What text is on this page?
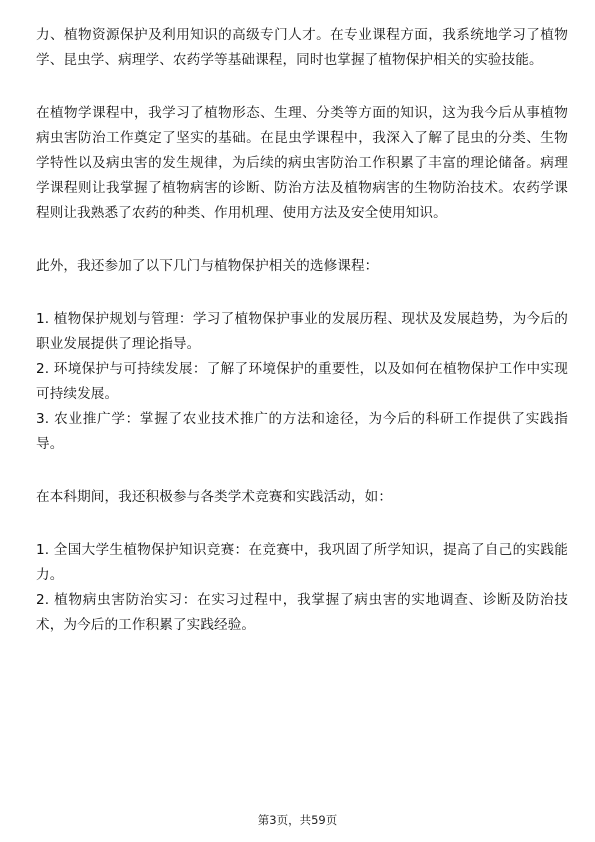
力、植物资源保护及利用知识的高级专门人才。在专业课程方面，我系统地学习了植物学、昆虫学、病理学、农药学等基础课程，同时也掌握了植物保护相关的实验技能。

在植物学课程中，我学习了植物形态、生理、分类等方面的知识，这为我今后从事植物病虫害防治工作奠定了坚实的基础。在昆虫学课程中，我深入了解了昆虫的分类、生物学特性以及病虫害的发生规律，为后续的病虫害防治工作积累了丰富的理论储备。病理学课程则让我掌握了植物病害的诊断、防治方法及植物病害的生物防治技术。农药学课程则让我熟悉了农药的种类、作用机理、使用方法及安全使用知识。

此外，我还参加了以下几门与植物保护相关的选修课程：

1. 植物保护规划与管理：学习了植物保护事业的发展历程、现状及发展趋势，为今后的职业发展提供了理论指导。

2. 环境保护与可持续发展：了解了环境保护的重要性，以及如何在植物保护工作中实现可持续发展。

3. 农业推广学：掌握了农业技术推广的方法和途径，为今后的科研工作提供了实践指导。

在本科期间，我还积极参与各类学术竞赛和实践活动，如：

1. 全国大学生植物保护知识竞赛：在竞赛中，我巩固了所学知识，提高了自己的实践能力。

2. 植物病虫害防治实习：在实习过程中，我掌握了病虫害的实地调查、诊断及防治技术，为今后的工作积累了实践经验。

第3页，共59页
